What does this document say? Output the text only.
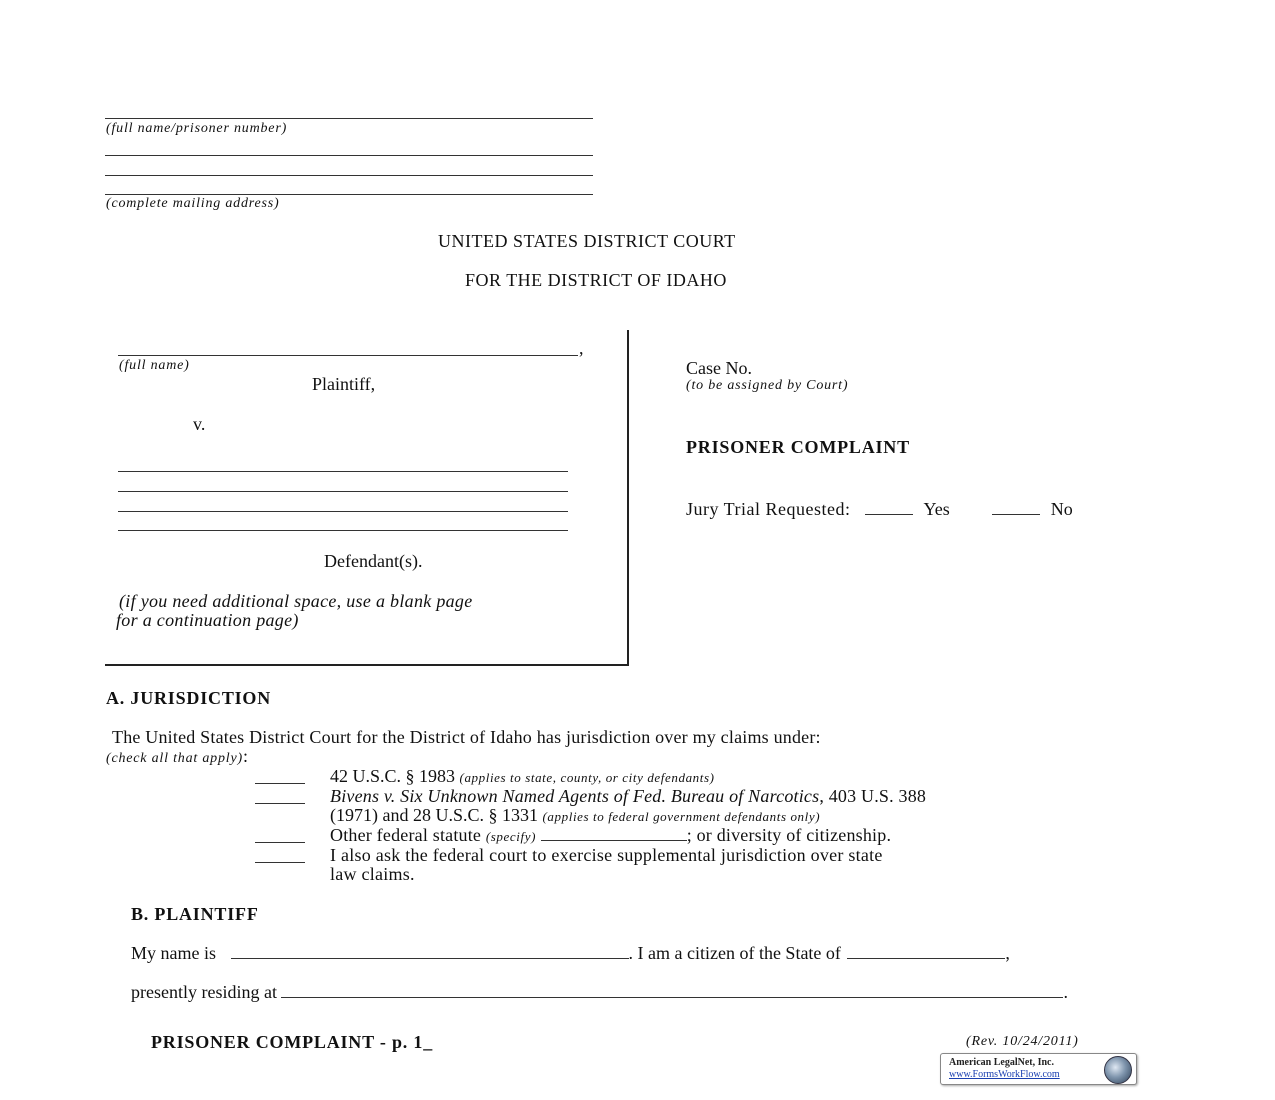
(full name/prisoner number)
(complete mailing address)
UNITED STATES DISTRICT COURT
FOR THE DISTRICT OF IDAHO
,
(full name)
Plaintiff,
v.
Defendant(s).
(if you need additional space, use a blank page
for a continuation page)
Case No.
(to be assigned by Court)
PRISONER COMPLAINT
Jury Trial Requested:	Yes	No
A. JURISDICTION
The United States District Court for the District of Idaho has jurisdiction over my claims under:
(check all that apply):
42 U.S.C. § 1983 (applies to state, county, or city defendants)
Bivens v. Six Unknown Named Agents of Fed. Bureau of Narcotics, 403 U.S. 388
(1971) and 28 U.S.C. § 1331 (applies to federal government defendants only)
Other federal statute (specify)	; or diversity of citizenship.
I also ask the federal court to exercise supplemental jurisdiction over state
law claims.
B. PLAINTIFF
My name is	. I am a citizen of the State of	,
presently residing at	.
PRISONER COMPLAINT - p. 1_	(Rev. 10/24/2011)
American LegalNet, Inc.
www.FormsWorkFlow.com
